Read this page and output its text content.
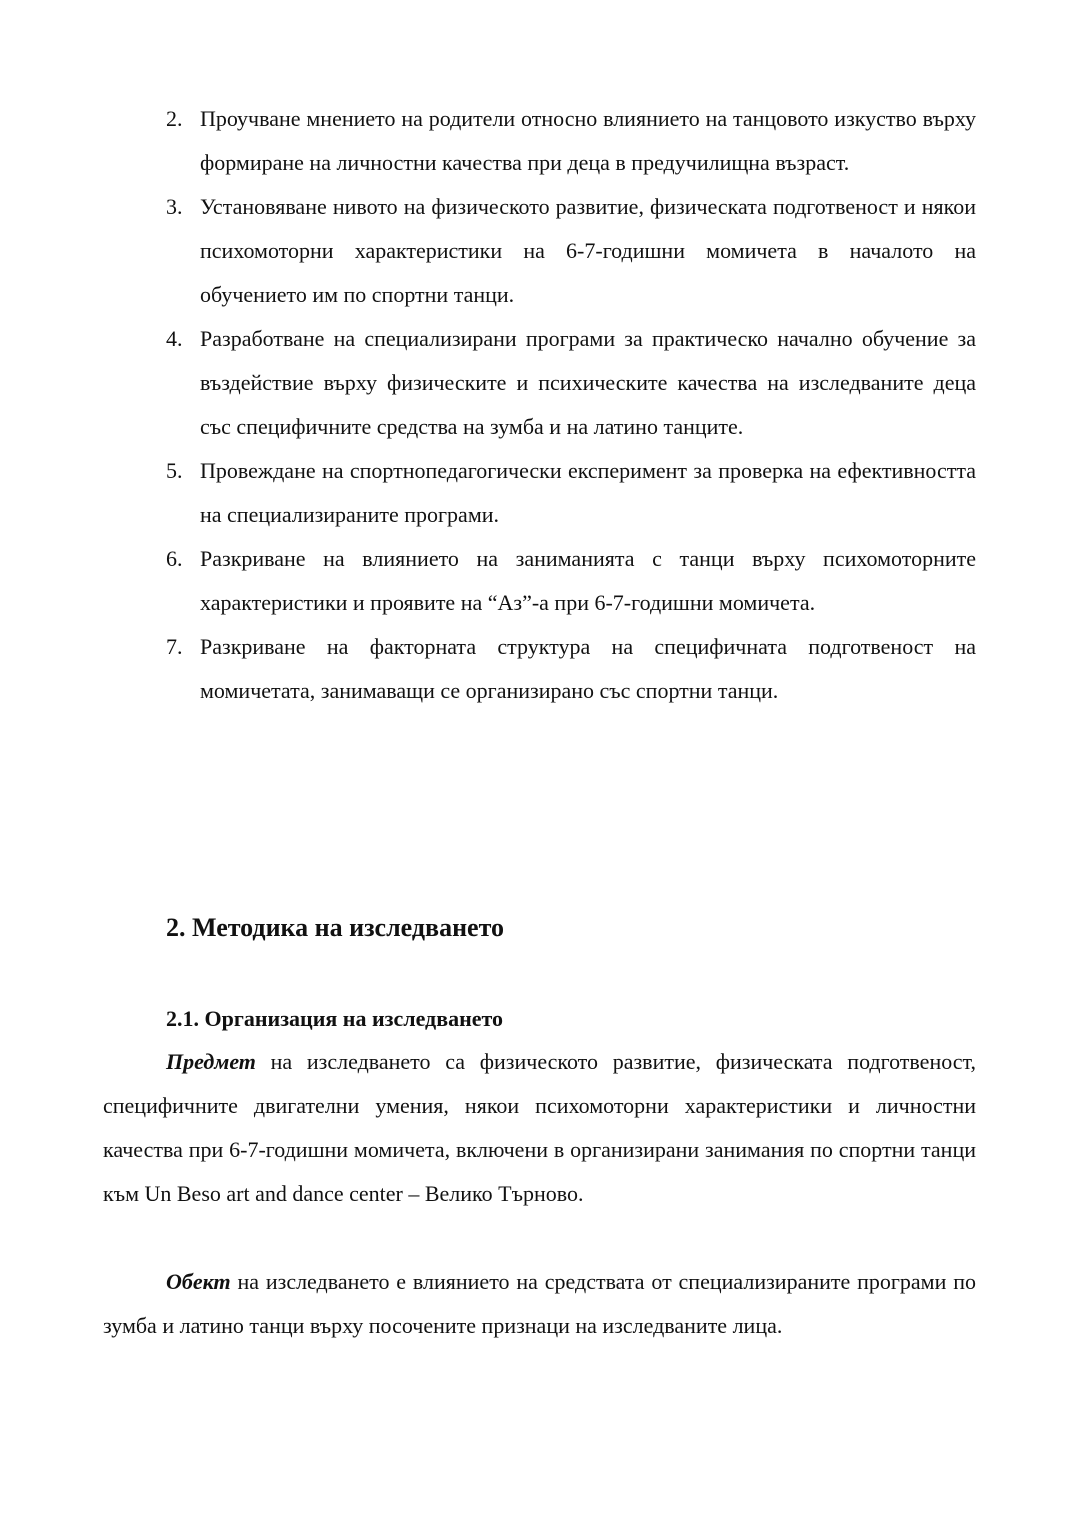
2. Проучване мнението на родители относно влиянието на танцовото изкуство върху формиране на личностни качества при деца в предучилищна възраст.
3. Установяване нивото на физическото развитие, физическата подготвеност и някои психомоторни характеристики на 6-7-годишни момичета в началото на обучението им по спортни танци.
4. Разработване на специализирани програми за практическо начално обучение за въздействие върху физическите и психическите качества на изследваните деца със специфичните средства на зумба и на латино танците.
5. Провеждане на спортнопедагогически експеримент за проверка на ефективността на специализираните програми.
6. Разкриване на влиянието на заниманията с танци върху психомоторните характеристики и проявите на “Аз”-а при 6-7-годишни момичета.
7. Разкриване на факторната структура на специфичната подготвеност на момичетата, занимаващи се организирано със спортни танци.
2. Методика на изследването
2.1. Организация на изследването

Предмет на изследването са физическото развитие, физическата подготвеност, специфичните двигателни умения, някои психомоторни характеристики и личностни качества при 6-7-годишни момичета, включени в организирани занимания по спортни танци към Un Beso art and dance center – Велико Търново.

Обект на изследването е влиянието на средствата от специализираните програми по зумба и латино танци върху посочените признаци на изследваните лица.
